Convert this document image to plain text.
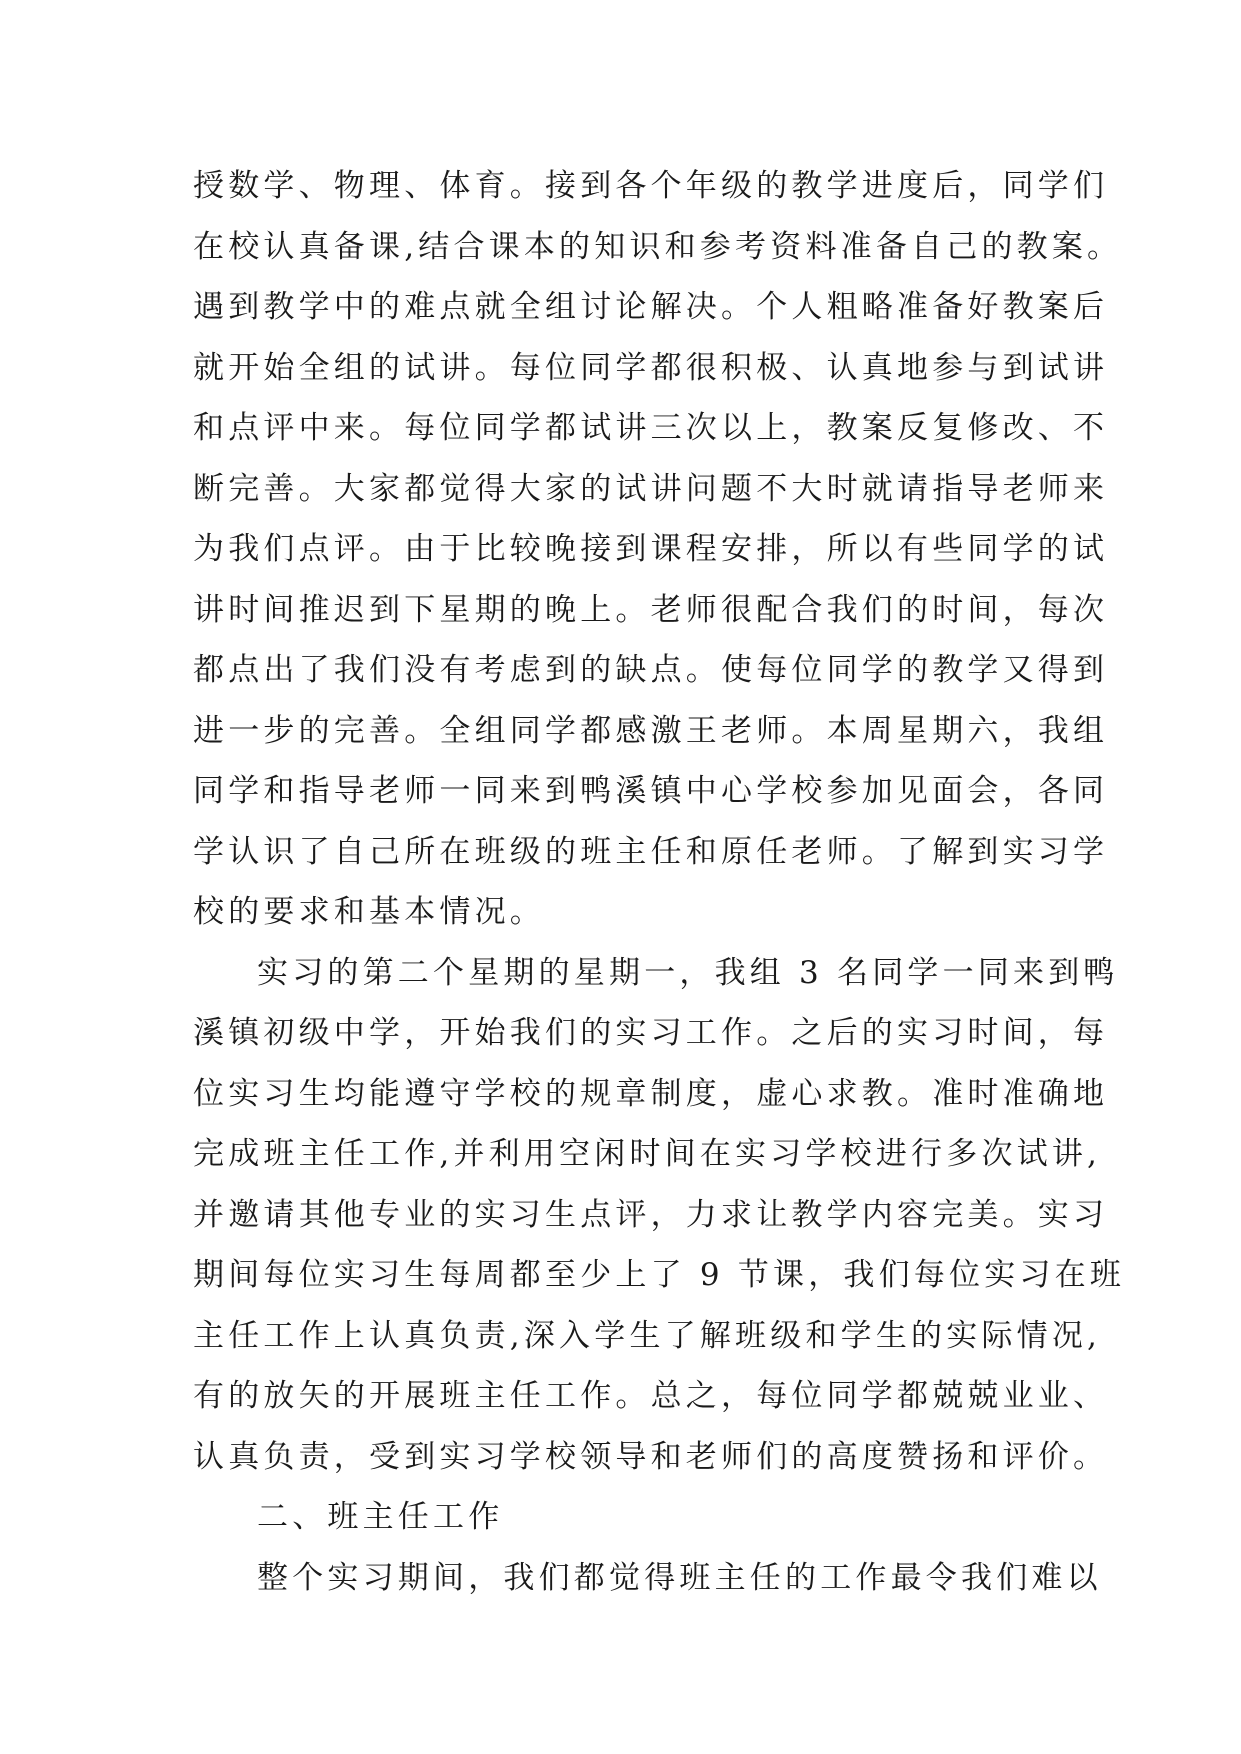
授数学、物理、体育。接到各个年级的教学进度后，同学们
在校认真备课,结合课本的知识和参考资料准备自己的教案。
遇到教学中的难点就全组讨论解决。个人粗略准备好教案后
就开始全组的试讲。每位同学都很积极、认真地参与到试讲
和点评中来。每位同学都试讲三次以上，教案反复修改、不
断完善。大家都觉得大家的试讲问题不大时就请指导老师来
为我们点评。由于比较晚接到课程安排，所以有些同学的试
讲时间推迟到下星期的晚上。老师很配合我们的时间，每次
都点出了我们没有考虑到的缺点。使每位同学的教学又得到
进一步的完善。全组同学都感激王老师。本周星期六，我组
同学和指导老师一同来到鸭溪镇中心学校参加见面会，各同
学认识了自己所在班级的班主任和原任老师。了解到实习学
校的要求和基本情况。
实习的第二个星期的星期一，我组 3 名同学一同来到鸭
溪镇初级中学，开始我们的实习工作。之后的实习时间，每
位实习生均能遵守学校的规章制度，虚心求教。准时准确地
完成班主任工作,并利用空闲时间在实习学校进行多次试讲,
并邀请其他专业的实习生点评，力求让教学内容完美。实习
期间每位实习生每周都至少上了 9 节课，我们每位实习在班
主任工作上认真负责,深入学生了解班级和学生的实际情况,
有的放矢的开展班主任工作。总之，每位同学都兢兢业业、
认真负责，受到实习学校领导和老师们的高度赞扬和评价。
二、班主任工作
整个实习期间，我们都觉得班主任的工作最令我们难以
